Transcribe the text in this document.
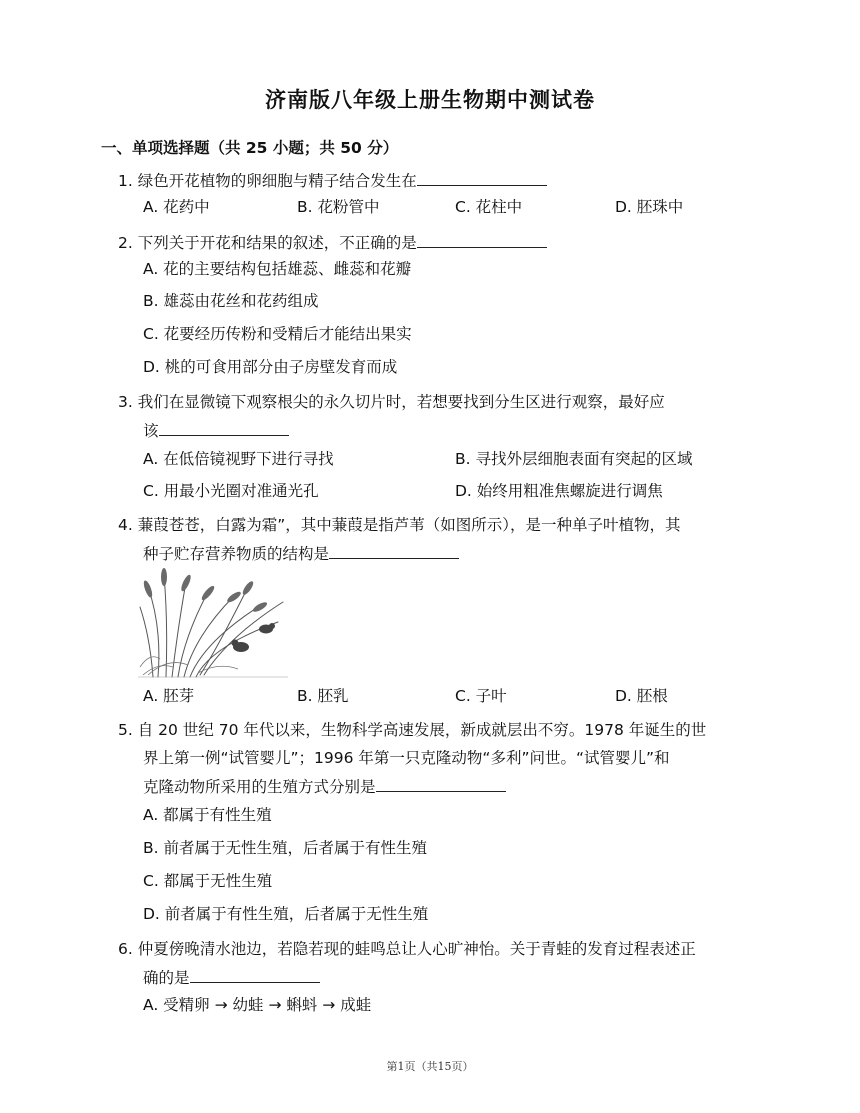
济南版八年级上册生物期中测试卷
一、单项选择题（共 25 小题；共 50 分）
1. 绿色开花植物的卵细胞与精子结合发生在
A. 花药中	B. 花粉管中	C. 花柱中	D. 胚珠中
2. 下列关于开花和结果的叙述，不正确的是
A. 花的主要结构包括雄蕊、雌蕊和花瓣
B. 雄蕊由花丝和花药组成
C. 花要经历传粉和受精后才能结出果实
D. 桃的可食用部分由子房壁发育而成
3. 我们在显微镜下观察根尖的永久切片时，若想要找到分生区进行观察，最好应
该
A. 在低倍镜视野下进行寻找	B. 寻找外层细胞表面有突起的区域
C. 用最小光圈对准通光孔	D. 始终用粗准焦螺旋进行调焦
4. 蒹葭苍苍，白露为霜”，其中蒹葭是指芦苇（如图所示），是一种单子叶植物，其
种子贮存营养物质的结构是
A. 胚芽	B. 胚乳	C. 子叶	D. 胚根
5. 自 20 世纪 70 年代以来，生物科学高速发展，新成就层出不穷。1978 年诞生的世
界上第一例“试管婴儿”；1996 年第一只克隆动物“多利”问世。“试管婴儿”和
克隆动物所采用的生殖方式分别是
A. 都属于有性生殖
B. 前者属于无性生殖，后者属于有性生殖
C. 都属于无性生殖
D. 前者属于有性生殖，后者属于无性生殖
6. 仲夏傍晚清水池边，若隐若现的蛙鸣总让人心旷神怡。关于青蛙的发育过程表述正
确的是
A. 受精卵 → 幼蛙 → 蝌蚪 → 成蛙
第1页（共15页）
